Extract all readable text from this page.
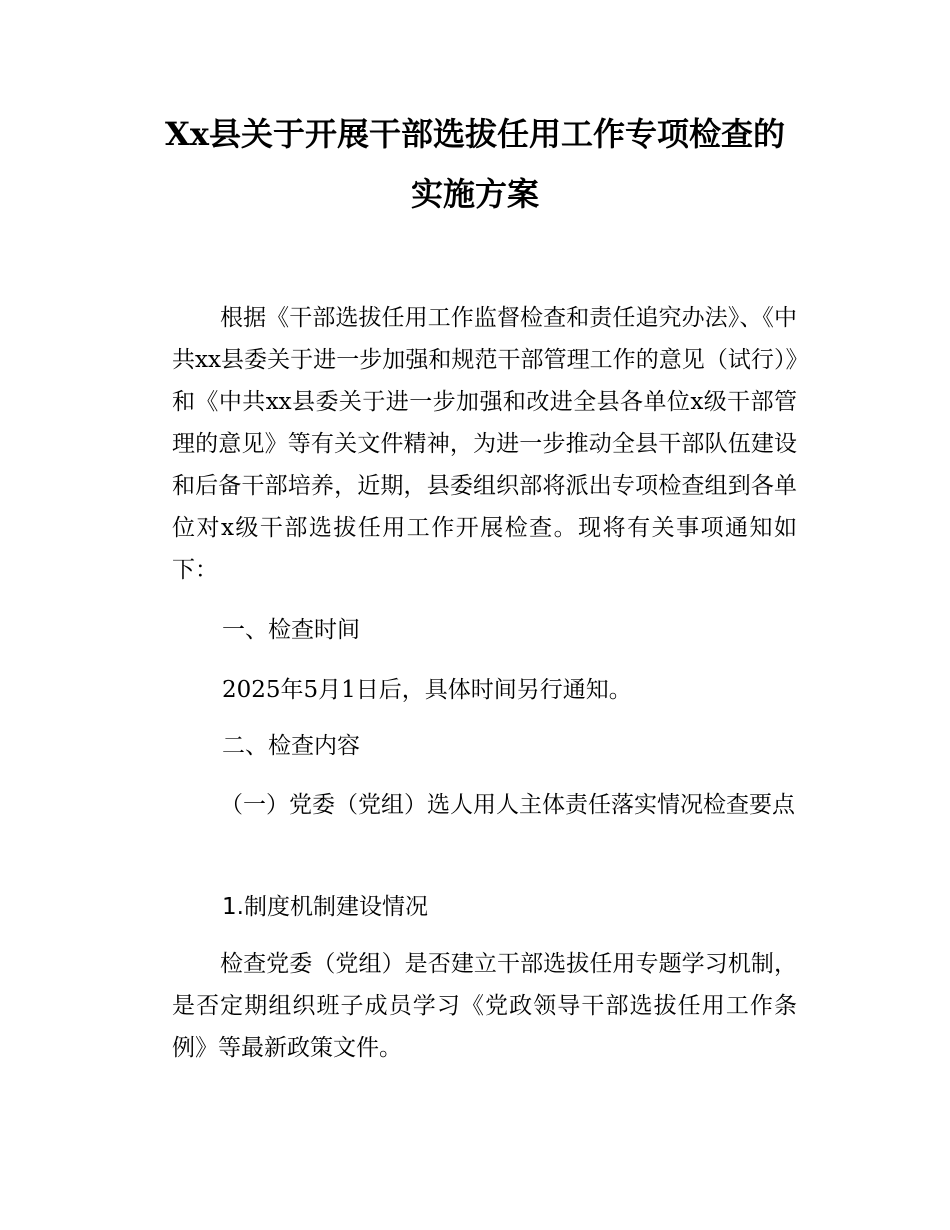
Xx县关于开展干部选拔任用工作专项检查的
实施方案

根据《干部选拔任用工作监督检查和责任追究办法》、《中共xx县委关于进一步加强和规范干部管理工作的意见（试行）》和《中共xx县委关于进一步加强和改进全县各单位x级干部管理的意见》等有关文件精神，为进一步推动全县干部队伍建设和后备干部培养，近期，县委组织部将派出专项检查组到各单位对x级干部选拔任用工作开展检查。现将有关事项通知如下：

一、检查时间

2025年5月1日后，具体时间另行通知。

二、检查内容

（一）党委（党组）选人用人主体责任落实情况检查要点

1.制度机制建设情况

检查党委（党组）是否建立干部选拔任用专题学习机制，是否定期组织班子成员学习《党政领导干部选拔任用工作条例》等最新政策文件。
